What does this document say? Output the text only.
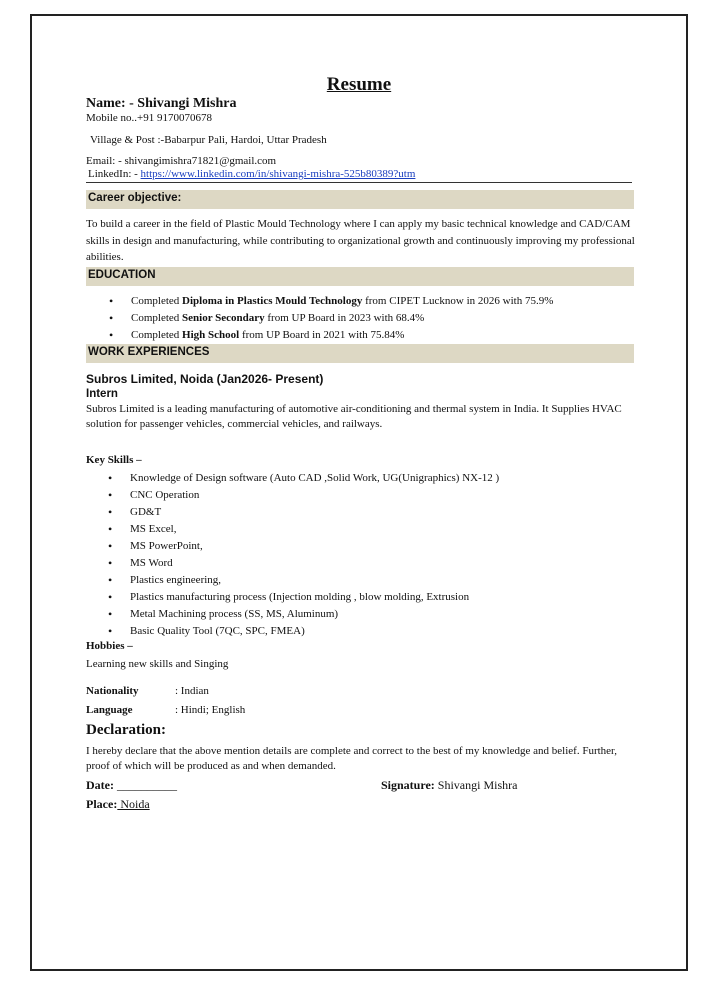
Resume
Name: - Shivangi Mishra
Mobile no..+91 9170070678
Village & Post :-Babarpur Pali, Hardoi, Uttar Pradesh
Email: - shivangimishra71821@gmail.com
LinkedIn: - https://www.linkedin.com/in/shivangi-mishra-525b80389?utm
Career objective:
To build a career in the field of Plastic Mould Technology where I can apply my basic technical knowledge and CAD/CAM skills in design and manufacturing, while contributing to organizational growth and continuously improving my professional abilities.
EDUCATION
• Completed Diploma in Plastics Mould Technology from CIPET Lucknow in 2026 with 75.9%
• Completed Senior Secondary from UP Board in 2023 with 68.4%
• Completed High School from UP Board in 2021 with 75.84%
WORK EXPERIENCES
Subros Limited, Noida (Jan2026- Present)
Intern
Subros Limited is a leading manufacturing of automotive air-conditioning and thermal system in India. It Supplies HVAC solution for passenger vehicles, commercial vehicles, and railways.
Key Skills –
• Knowledge of Design software (Auto CAD ,Solid Work, UG(Unigraphics) NX-12 )
• CNC Operation
• GD&T
• MS Excel,
• MS PowerPoint,
• MS Word
• Plastics engineering,
• Plastics manufacturing process (Injection molding , blow molding, Extrusion
• Metal Machining process (SS, MS, Aluminum)
• Basic Quality Tool (7QC, SPC, FMEA)
Hobbies –
Learning new skills and Singing
Nationality	: Indian
Language	: Hindi; English
Declaration:
I hereby declare that the above mention details are complete and correct to the best of my knowledge and belief. Further, proof of which will be produced as and when demanded.
Date: __________	Signature: Shivangi Mishra
Place: Noida
